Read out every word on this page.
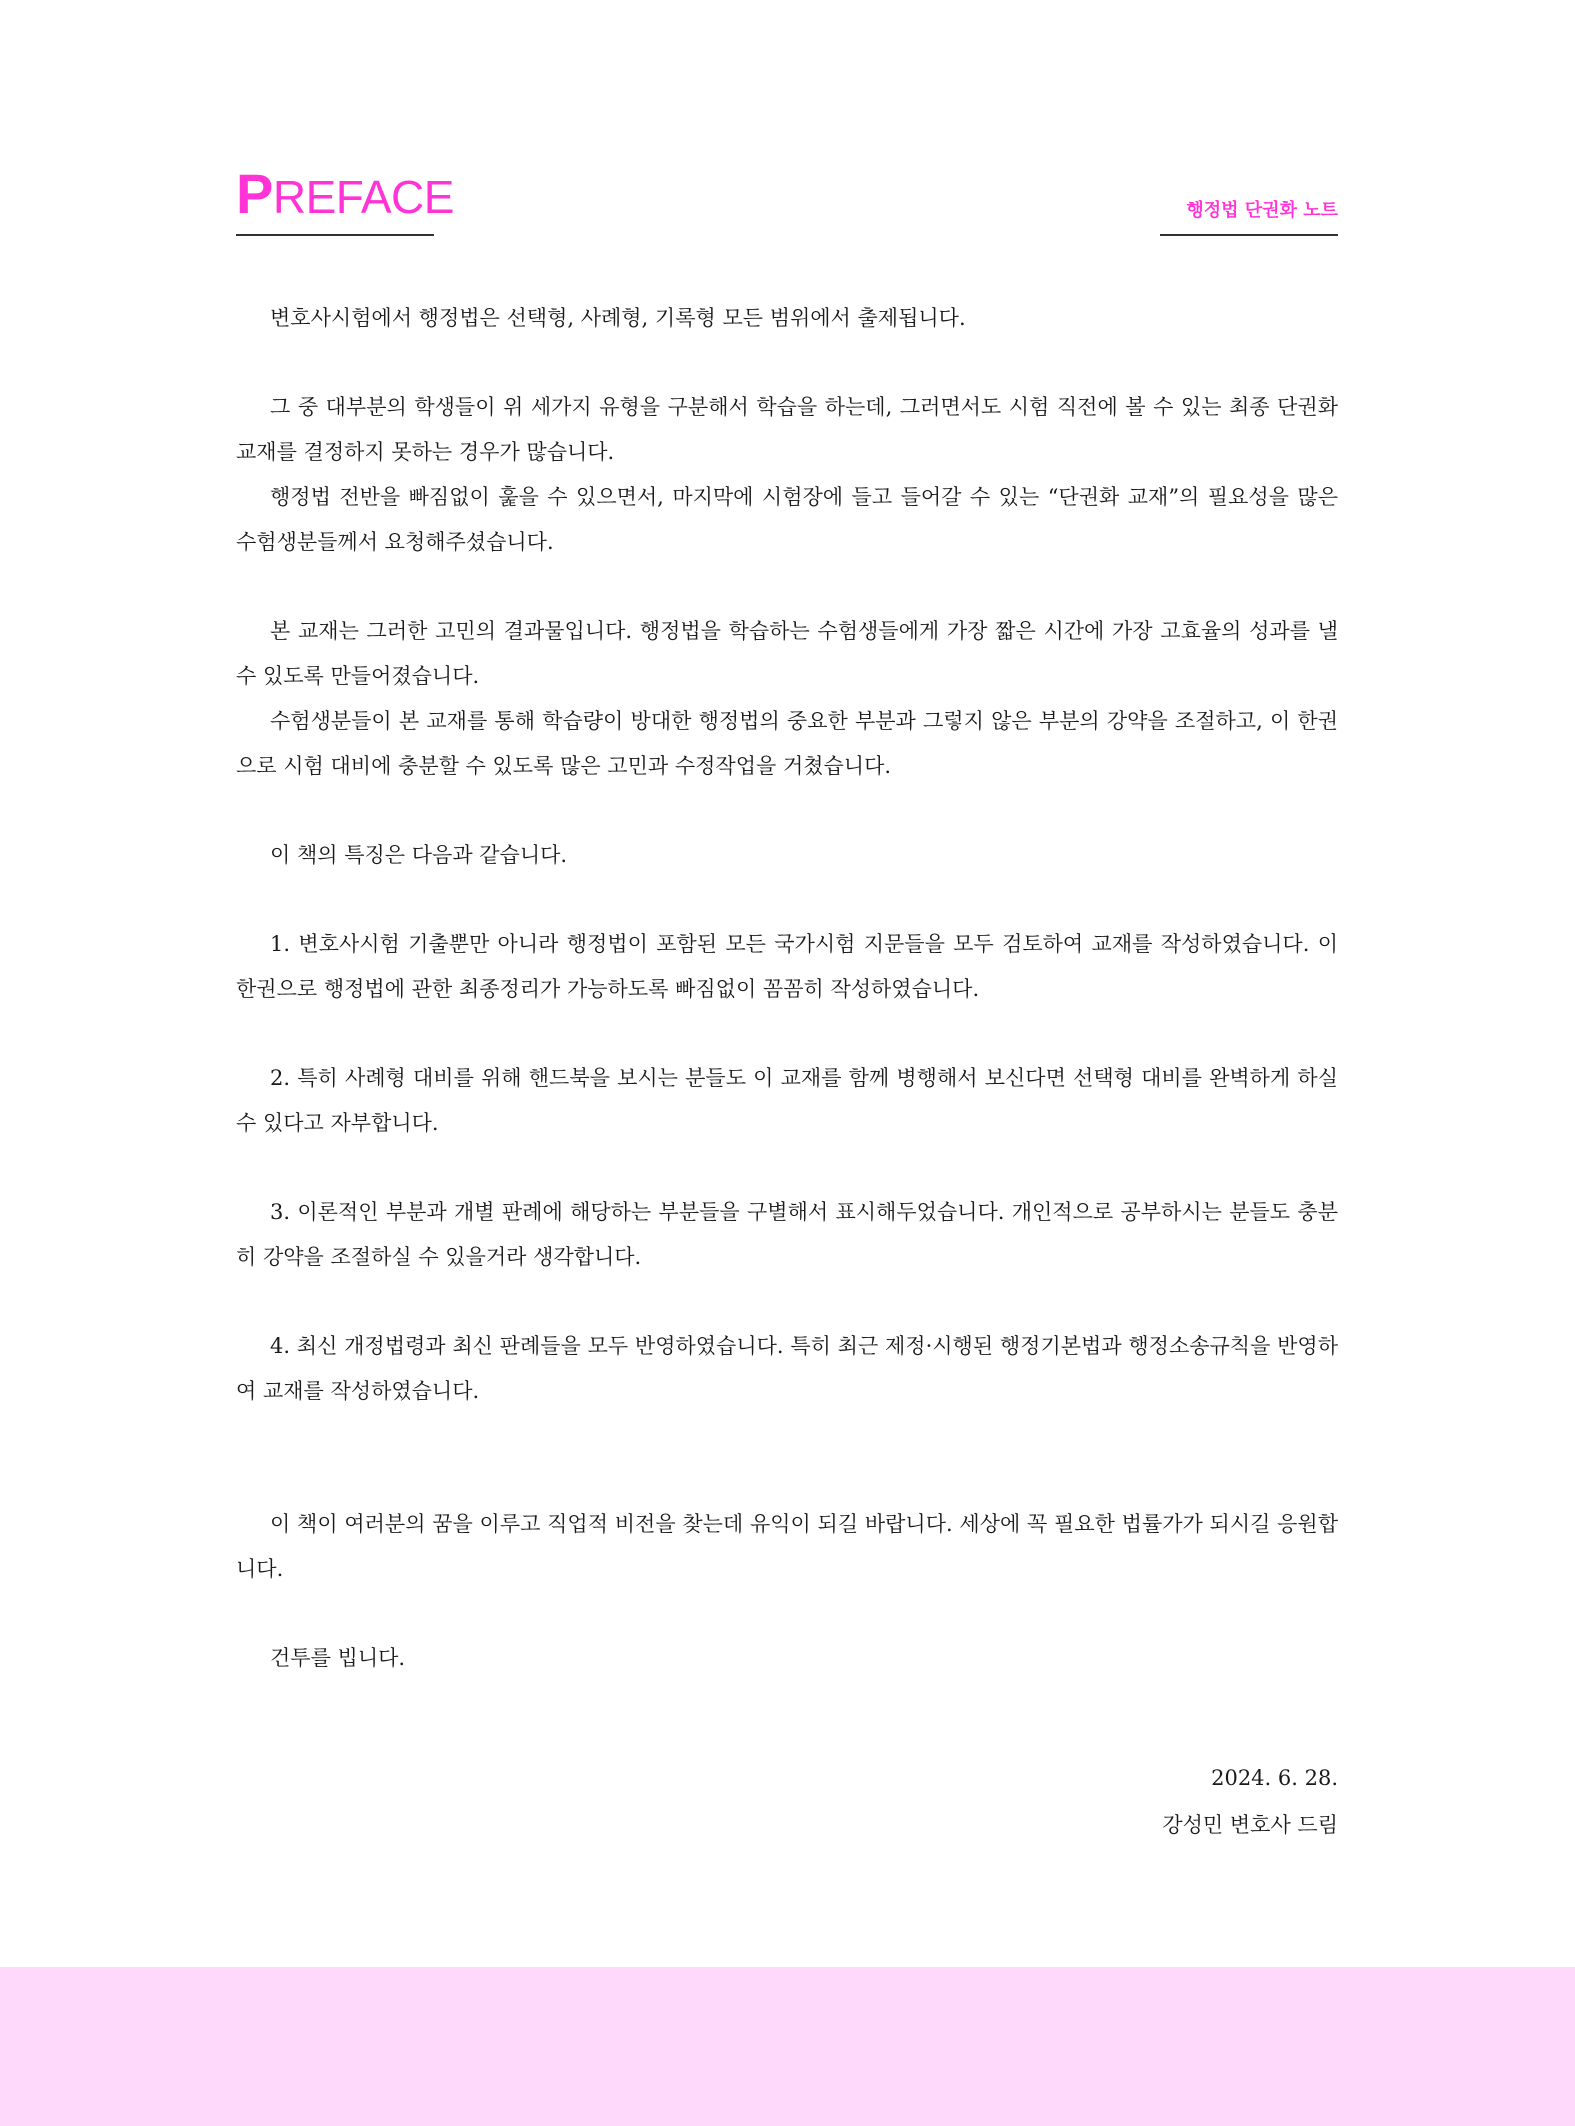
PREFACE	행정법 단권화 노트

변호사시험에서 행정법은 선택형, 사례형, 기록형 모든 범위에서 출제됩니다.

그 중 대부분의 학생들이 위 세가지 유형을 구분해서 학습을 하는데, 그러면서도 시험 직전에 볼 수 있는 최종 단권화 교재를 결정하지 못하는 경우가 많습니다.

행정법 전반을 빠짐없이 훑을 수 있으면서, 마지막에 시험장에 들고 들어갈 수 있는 “단권화 교재”의 필요성을 많은 수험생분들께서 요청해주셨습니다.

본 교재는 그러한 고민의 결과물입니다. 행정법을 학습하는 수험생들에게 가장 짧은 시간에 가장 고효율의 성과를 낼 수 있도록 만들어졌습니다.

수험생분들이 본 교재를 통해 학습량이 방대한 행정법의 중요한 부분과 그렇지 않은 부분의 강약을 조절하고, 이 한권으로 시험 대비에 충분할 수 있도록 많은 고민과 수정작업을 거쳤습니다.

이 책의 특징은 다음과 같습니다.

1. 변호사시험 기출뿐만 아니라 행정법이 포함된 모든 국가시험 지문들을 모두 검토하여 교재를 작성하였습니다. 이 한권으로 행정법에 관한 최종정리가 가능하도록 빠짐없이 꼼꼼히 작성하였습니다.

2. 특히 사례형 대비를 위해 핸드북을 보시는 분들도 이 교재를 함께 병행해서 보신다면 선택형 대비를 완벽하게 하실 수 있다고 자부합니다.

3. 이론적인 부분과 개별 판례에 해당하는 부분들을 구별해서 표시해두었습니다. 개인적으로 공부하시는 분들도 충분히 강약을 조절하실 수 있을거라 생각합니다.

4. 최신 개정법령과 최신 판례들을 모두 반영하였습니다. 특히 최근 제정·시행된 행정기본법과 행정소송규칙을 반영하여 교재를 작성하였습니다.

이 책이 여러분의 꿈을 이루고 직업적 비전을 찾는데 유익이 되길 바랍니다. 세상에 꼭 필요한 법률가가 되시길 응원합니다.

건투를 빕니다.

2024. 6. 28.
강성민 변호사 드림
